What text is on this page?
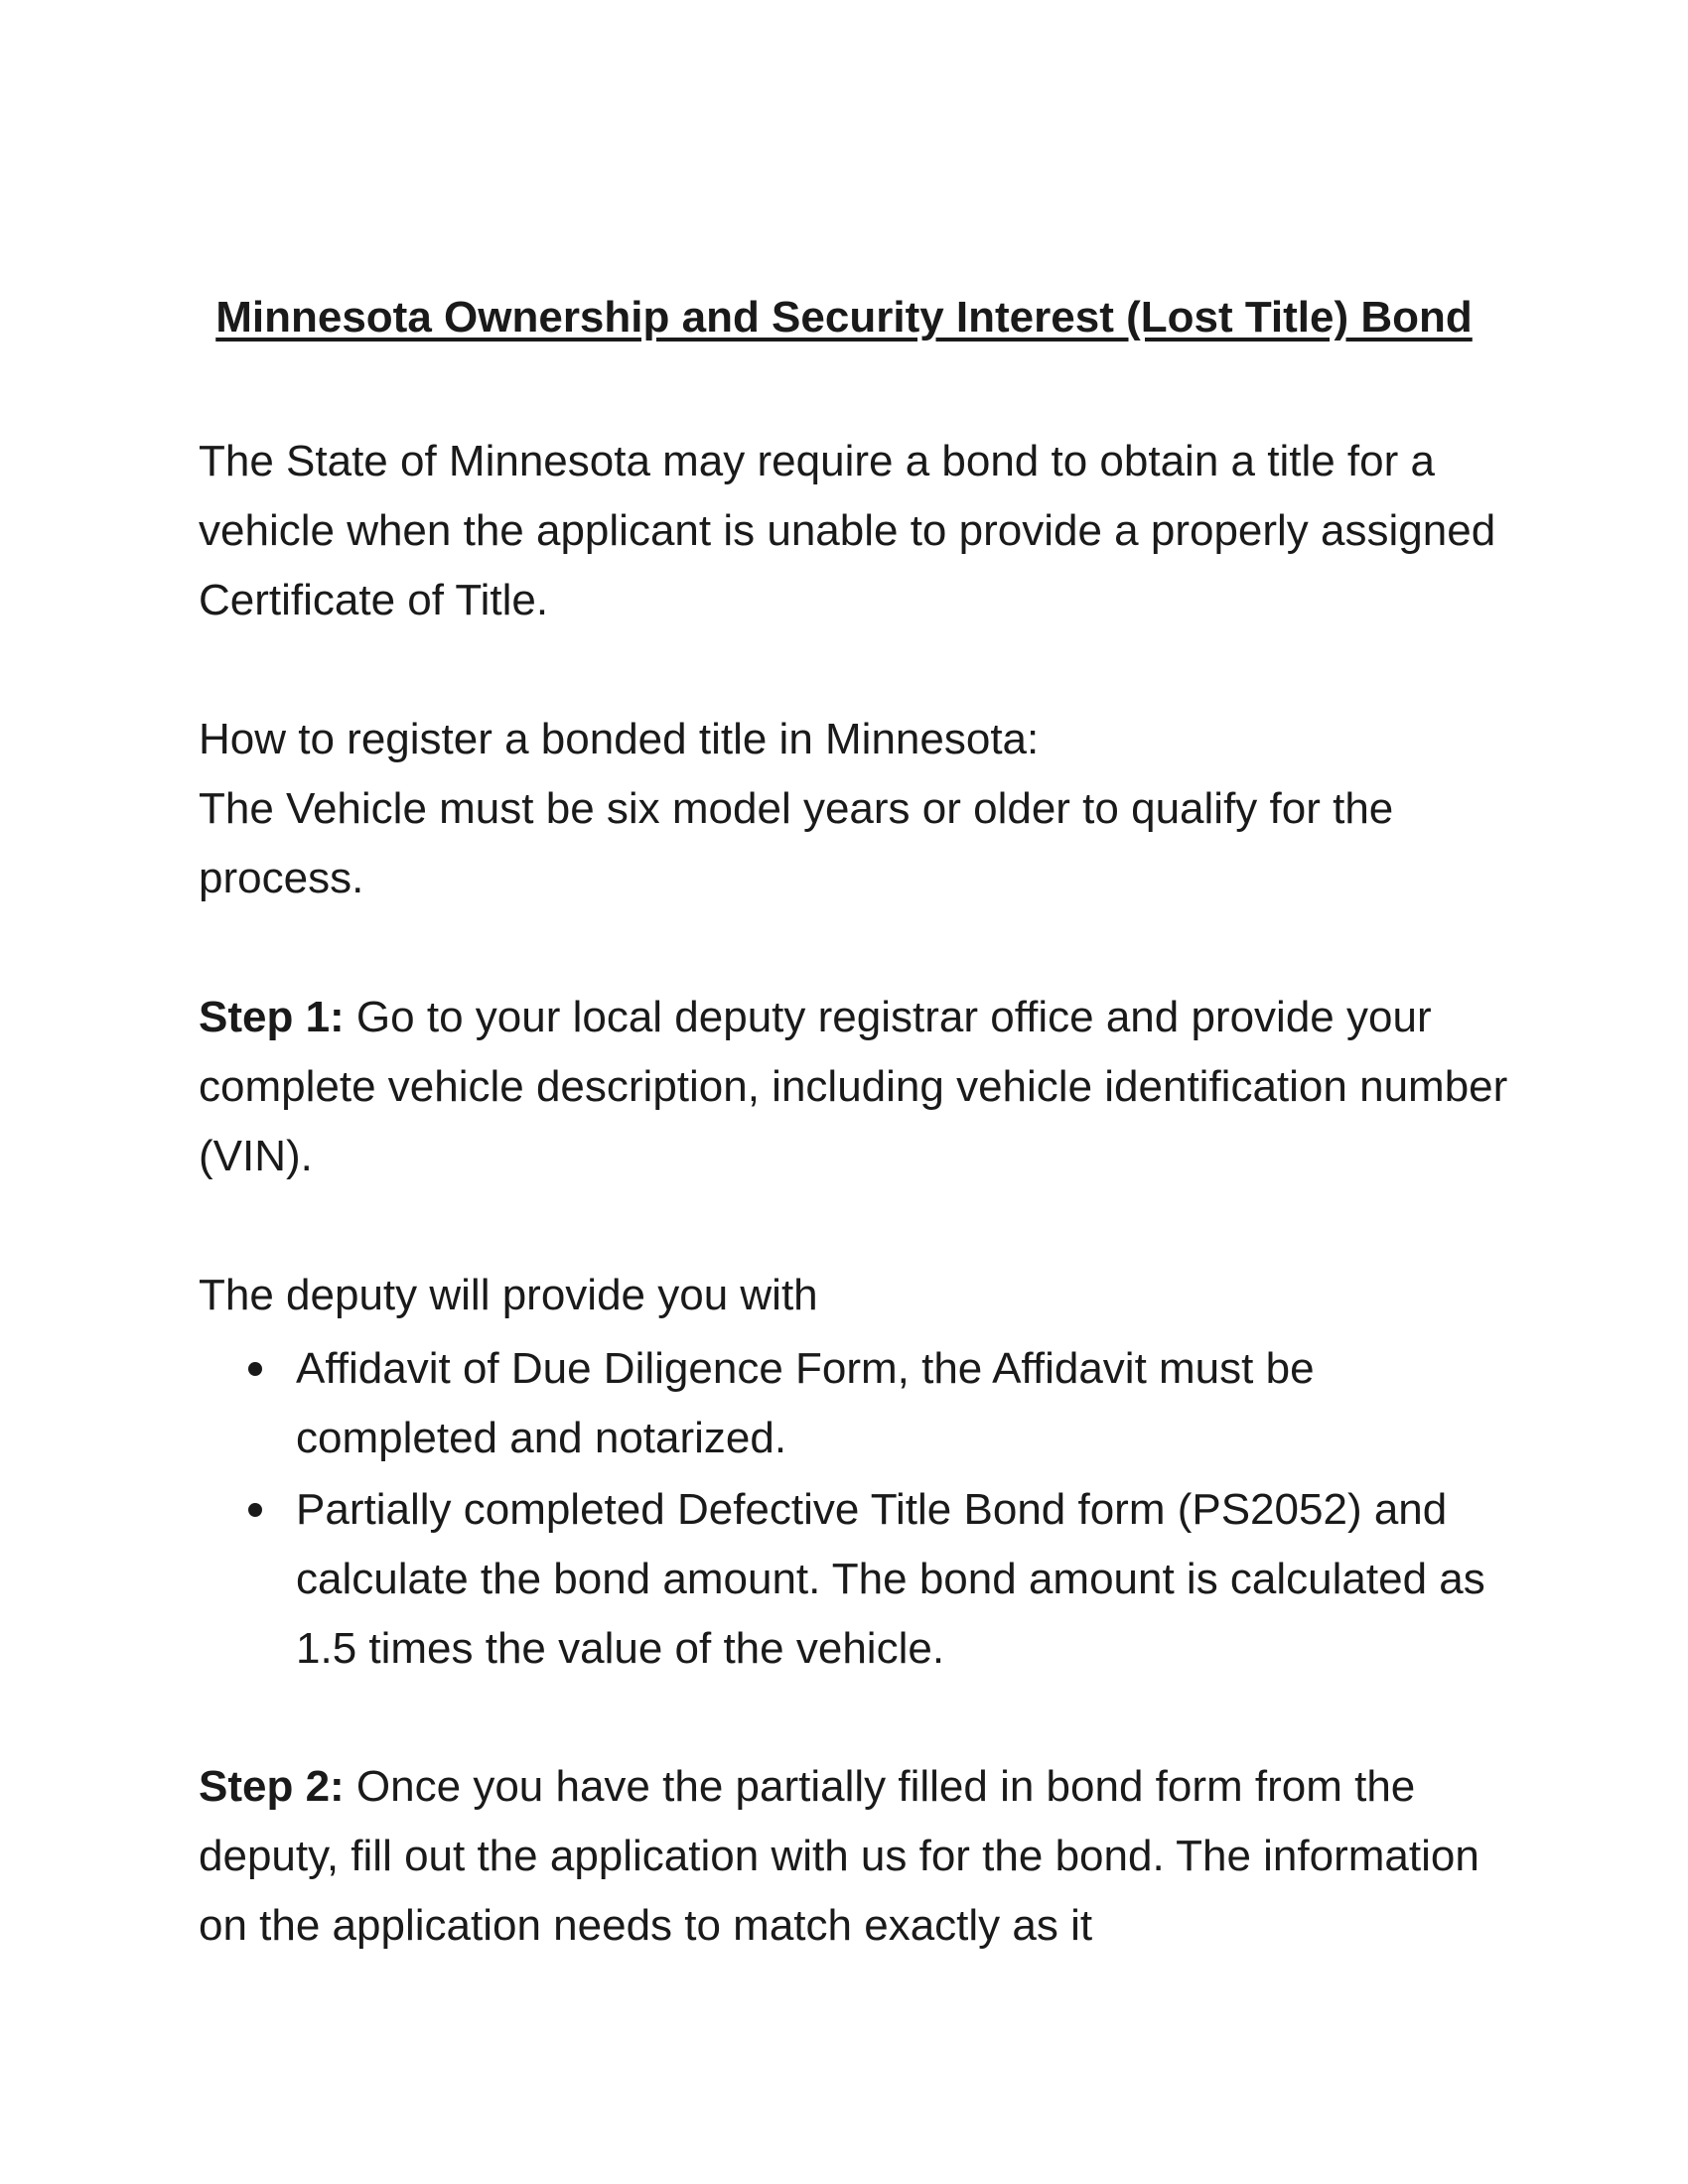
Minnesota Ownership and Security Interest (Lost Title) Bond

The State of Minnesota may require a bond to obtain a title for a vehicle when the applicant is unable to provide a properly assigned Certificate of Title.

How to register a bonded title in Minnesota:
The Vehicle must be six model years or older to qualify for the process.

Step 1: Go to your local deputy registrar office and provide your complete vehicle description, including vehicle identification number (VIN).

The deputy will provide you with

Affidavit of Due Diligence Form, the Affidavit must be completed and notarized.
Partially completed Defective Title Bond form (PS2052) and calculate the bond amount. The bond amount is calculated as 1.5 times the value of the vehicle.

Step 2: Once you have the partially filled in bond form from the deputy, fill out the application with us for the bond. The information on the application needs to match exactly as it
